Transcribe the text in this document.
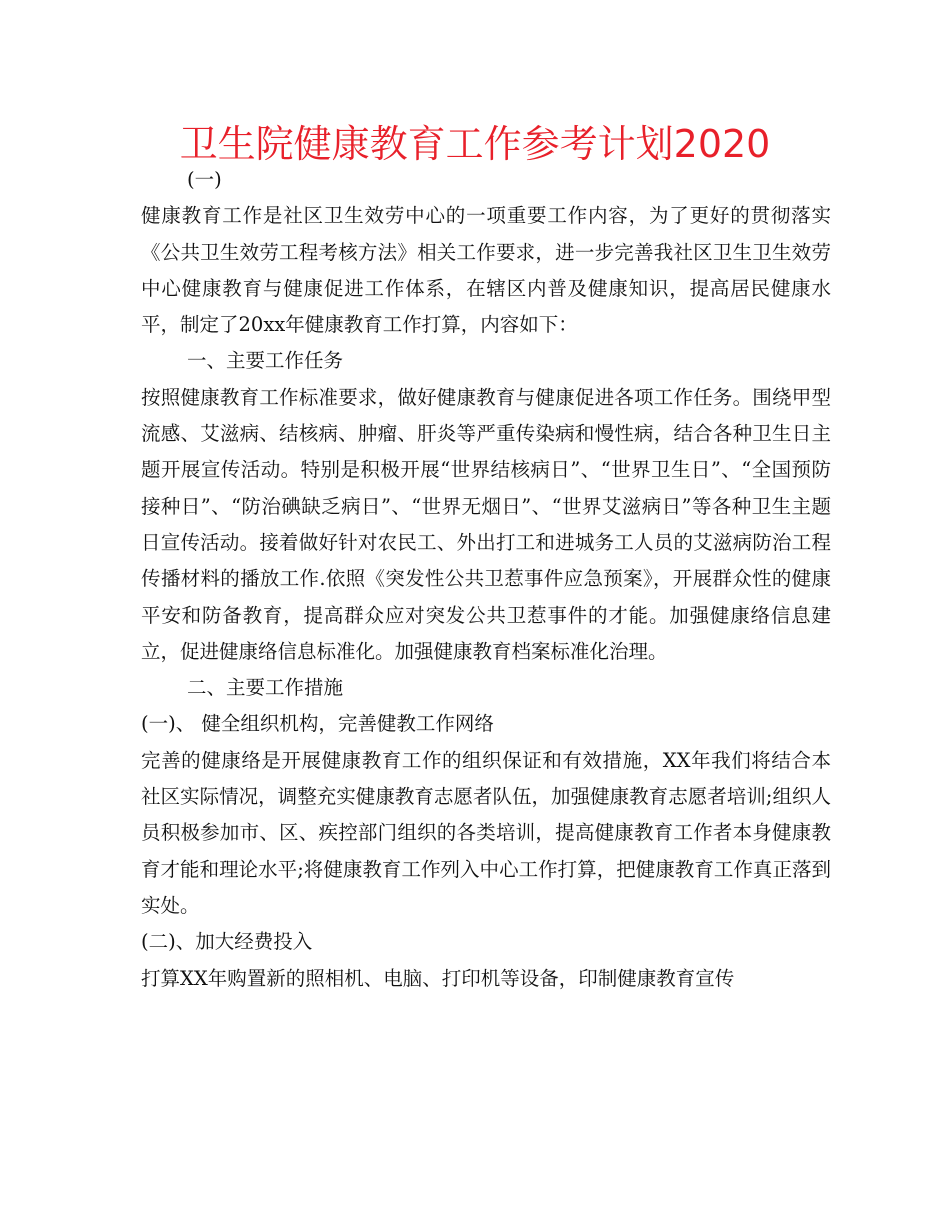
卫生院健康教育工作参考计划2020

(一)

健康教育工作是社区卫生效劳中心的一项重要工作内容，为了更好的贯彻落实《公共卫生效劳工程考核方法》相关工作要求，进一步完善我社区卫生卫生效劳中心健康教育与健康促进工作体系，在辖区内普及健康知识，提高居民健康水平，制定了20xx年健康教育工作打算，内容如下：

一、主要工作任务

按照健康教育工作标准要求，做好健康教育与健康促进各项工作任务。围绕甲型流感、艾滋病、结核病、肿瘤、肝炎等严重传染病和慢性病，结合各种卫生日主题开展宣传活动。特别是积极开展“世界结核病日”、“世界卫生日”、“全国预防接种日”、“防治碘缺乏病日”、“世界无烟日”、“世界艾滋病日”等各种卫生主题日宣传活动。接着做好针对农民工、外出打工和进城务工人员的艾滋病防治工程传播材料的播放工作.依照《突发性公共卫惹事件应急预案》，开展群众性的健康平安和防备教育，提高群众应对突发公共卫惹事件的才能。加强健康络信息建立，促进健康络信息标准化。加强健康教育档案标准化治理。

二、主要工作措施

(一)、 健全组织机构，完善健教工作网络

完善的健康络是开展健康教育工作的组织保证和有效措施，XX年我们将结合本社区实际情况，调整充实健康教育志愿者队伍，加强健康教育志愿者培训;组织人员积极参加市、区、疾控部门组织的各类培训，提高健康教育工作者本身健康教育才能和理论水平;将健康教育工作列入中心工作打算，把健康教育工作真正落到实处。

(二)、加大经费投入

打算XX年购置新的照相机、电脑、打印机等设备，印制健康教育宣传
